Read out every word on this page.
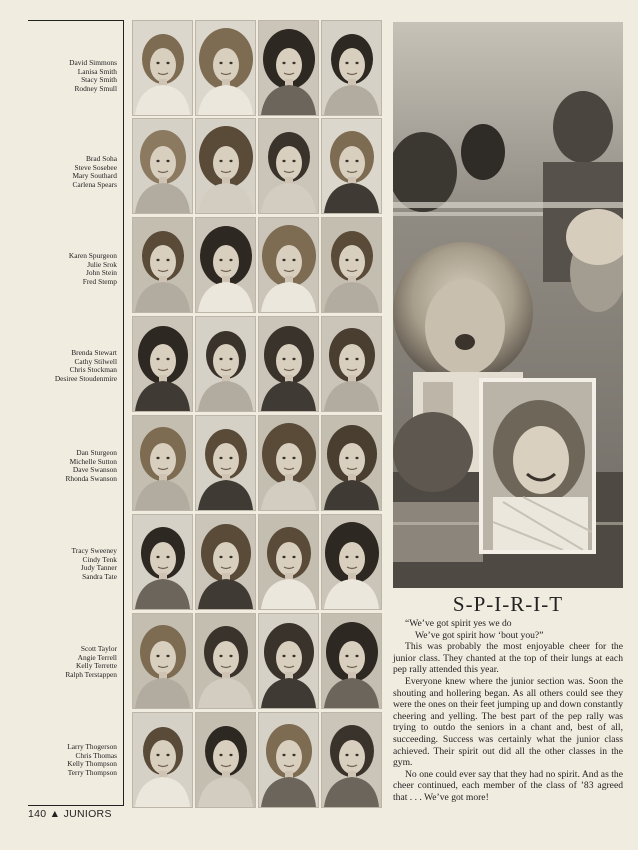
David Simmons
Lanisa Smith
Stacy Smith
Rodney Smull
Brad Soha
Steve Sosebee
Mary Southard
Carlena Spears
Karen Spurgeon
Julie Srok
John Stein
Fred Stemp
Brenda Stewart
Cathy Stilwell
Chris Stockman
Desiree Stoudenmire
Dan Sturgeon
Michelle Sutton
Dave Swanson
Rhonda Swanson
Tracy Sweeney
Cindy Tenk
Judy Tanner
Sandra Tate
Scott Taylor
Angie Terrell
Kelly Terrette
Ralph Terstappen
Larry Thogerson
Chris Thomas
Kelly Thompson
Terry Thompson
S-P-I-R-I-T

“We’ve got spirit yes we do

We’ve got spirit how ‘bout you?”

This was probably the most enjoyable cheer for the junior class. They chanted at the top of their lungs at each pep rally attended this year.

Everyone knew where the junior section was. Soon the shouting and hollering began. As all others could see they were the ones on their feet jumping up and down constantly cheering and yelling. The best part of the pep rally was trying to outdo the seniors in a chant and, best of all, succeeding. Success was certainly what the junior class achieved. Their spirit out did all the other classes in the gym.

No one could ever say that they had no spirit. And as the cheer continued, each member of the class of ’83 agreed that . . . We’ve got more!

140 ▲ JUNIORS
